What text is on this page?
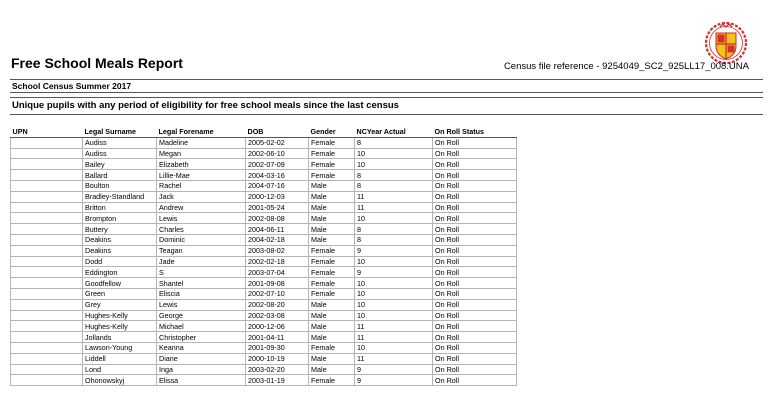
Free School Meals Report	Census file reference - 9254049_SC2_925LL17_008.UNA
School Census Summer 2017
Unique pupils with any period of eligibility for free school meals since the last census
UPN	Legal Surname	Legal Forename	DOB	Gender	NCYear Actual	On Roll Status
	Audiss	Madeline	2005-02-02	Female	8	On Roll
	Audiss	Megan	2002-06-10	Female	10	On Roll
	Bailey	Elizabeth	2002-07-09	Female	10	On Roll
	Ballard	Lillie-Mae	2004-03-16	Female	8	On Roll
	Boulton	Rachel	2004-07-16	Male	8	On Roll
	Bradley-Standland	Jack	2000-12-03	Male	11	On Roll
	Britton	Andrew	2001-05-24	Male	11	On Roll
	Brompton	Lewis	2002-08-08	Male	10	On Roll
	Buttery	Charles	2004-06-11	Male	8	On Roll
	Deakins	Dominic	2004-02-18	Male	8	On Roll
	Deakins	Teagan	2003-08-02	Female	9	On Roll
	Dodd	Jade	2002-02-18	Female	10	On Roll
	Eddington	S	2003-07-04	Female	9	On Roll
	Goodfellow	Shantel	2001-09-08	Female	10	On Roll
	Green	Eliscia	2002-07-10	Female	10	On Roll
	Grey	Lewis	2002-08-20	Male	10	On Roll
	Hughes-Kelly	George	2002-03-08	Male	10	On Roll
	Hughes-Kelly	Michael	2000-12-06	Male	11	On Roll
	Jollands	Christopher	2001-04-11	Male	11	On Roll
	Lawson-Young	Keanna	2001-09-30	Female	10	On Roll
	Liddell	Diane	2000-10-19	Male	11	On Roll
	Lond	Inga	2003-02-20	Male	9	On Roll
	Ohonowskyj	Elissa	2003-01-19	Female	9	On Roll
